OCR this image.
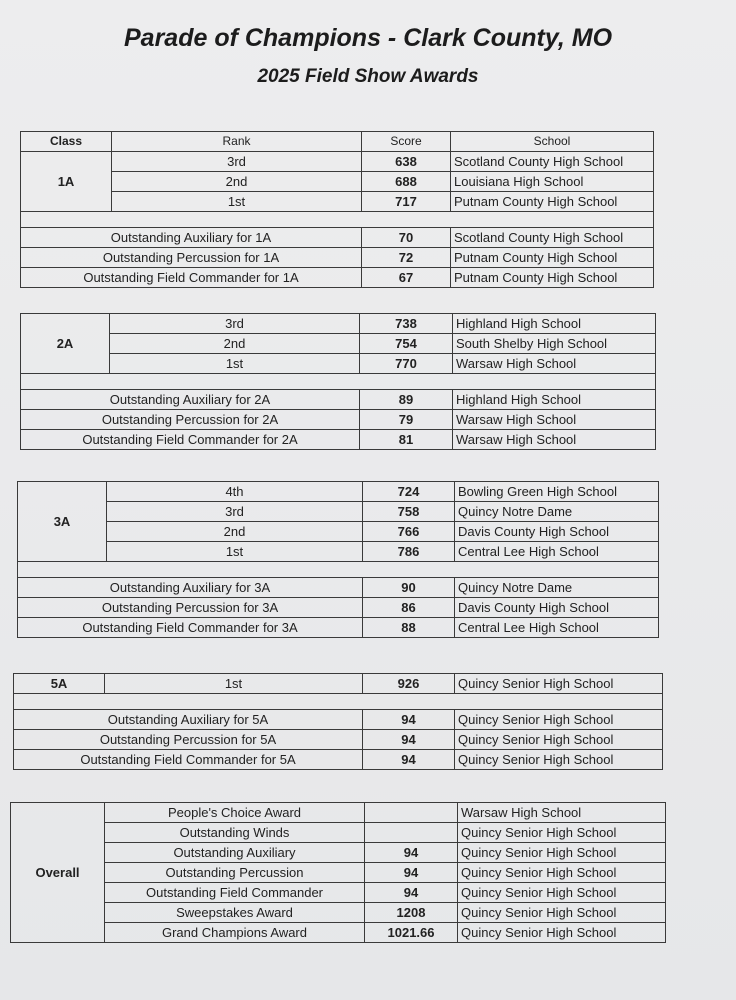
Parade of Champions - Clark County, MO
2025 Field Show Awards
Class	Rank	Score	School
1A	3rd	638	Scotland County High School
	2nd	688	Louisiana High School
	1st	717	Putnam County High School

Outstanding Auxiliary for 1A		70	Scotland County High School
Outstanding Percussion for 1A		72	Putnam County High School
Outstanding Field Commander for 1A		67	Putnam County High School
2A	3rd	738	Highland High School
	2nd	754	South Shelby High School
	1st	770	Warsaw High School

Outstanding Auxiliary for 2A		89	Highland High School
Outstanding Percussion for 2A		79	Warsaw High School
Outstanding Field Commander for 2A		81	Warsaw High School
3A	4th	724	Bowling Green High School
	3rd	758	Quincy Notre Dame
	2nd	766	Davis County High School
	1st	786	Central Lee High School

Outstanding Auxiliary for 3A		90	Quincy Notre Dame
Outstanding Percussion for 3A		86	Davis County High School
Outstanding Field Commander for 3A		88	Central Lee High School
5A	1st	926	Quincy Senior High School

Outstanding Auxiliary for 5A		94	Quincy Senior High School
Outstanding Percussion for 5A		94	Quincy Senior High School
Outstanding Field Commander for 5A		94	Quincy Senior High School
Overall	People's Choice Award		Warsaw High School
	Outstanding Winds		Quincy Senior High School
	Outstanding Auxiliary	94	Quincy Senior High School
	Outstanding Percussion	94	Quincy Senior High School
	Outstanding Field Commander	94	Quincy Senior High School
	Sweepstakes Award	1208	Quincy Senior High School
	Grand Champions Award	1021.66	Quincy Senior High School
